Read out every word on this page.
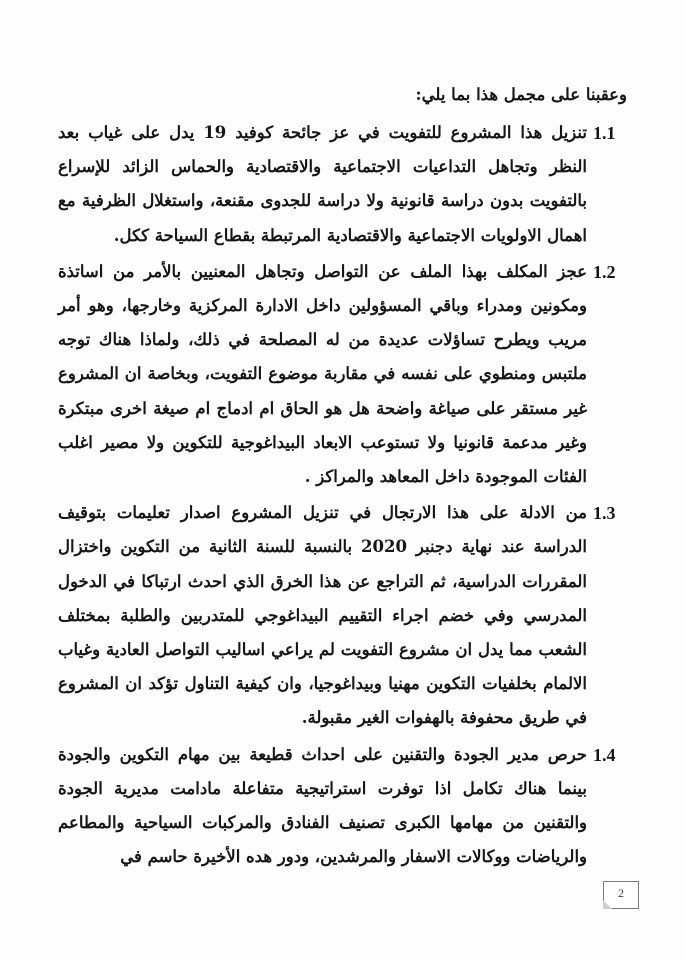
وعقبنا على مجمل هذا بما يلي:
1.1
تنزيل هذا المشروع للتفويت في عز جائحة كوفيد 19 يدل على غياب بعد النظر وتجاهل التداعيات الاجتماعية والاقتصادية والحماس الزائد للإسراع بالتفويت بدون دراسة قانونية ولا دراسة للجدوى مقنعة، واستغلال الظرفية مع اهمال الاولويات الاجتماعية والاقتصادية المرتبطة بقطاع السياحة ككل.
1.2
عجز المكلف بهذا الملف عن التواصل وتجاهل المعنيين بالأمر من اساتذة ومكونين ومدراء وباقي المسؤولين داخل الادارة المركزية وخارجها، وهو أمر مريب ويطرح تساؤلات عديدة من له المصلحة في ذلك، ولماذا هناك توجه ملتبس ومنطوي على نفسه في مقاربة موضوع التفويت، وبخاصة ان المشروع غير مستقر على صياغة واضحة هل هو الحاق ام ادماج ام صيغة اخرى مبتكرة وغير مدعمة قانونيا ولا تستوعب الابعاد البيداغوجية للتكوين ولا مصير اغلب الفئات الموجودة داخل المعاهد والمراكز .
1.3
من الادلة على هذا الارتجال في تنزيل المشروع اصدار تعليمات بتوقيف الدراسة عند نهاية دجنبر 2020 بالنسبة للسنة الثانية من التكوين واختزال المقررات الدراسية، ثم التراجع عن هذا الخرق الذي احدث ارتباكا في الدخول المدرسي وفي خضم اجراء التقييم البيداغوجي للمتدربين والطلبة بمختلف الشعب مما يدل ان مشروع التفويت لم يراعي اساليب التواصل العادية وغياب الالمام بخلفيات التكوين مهنيا وبيداغوجيا، وان كيفية التناول تؤكد ان المشروع في طريق محفوفة بالهفوات الغير مقبولة.
1.4
حرص مدير الجودة والتقنين على احداث قطيعة بين مهام التكوين والجودة بينما هناك تكامل اذا توفرت استراتيجية متفاعلة مادامت مديرية الجودة والتقنين من مهامها الكبرى تصنيف الفنادق والمركبات السياحية والمطاعم والرياضات ووكالات الاسفار والمرشدين، ودور هده الأخيرة حاسم في
2
